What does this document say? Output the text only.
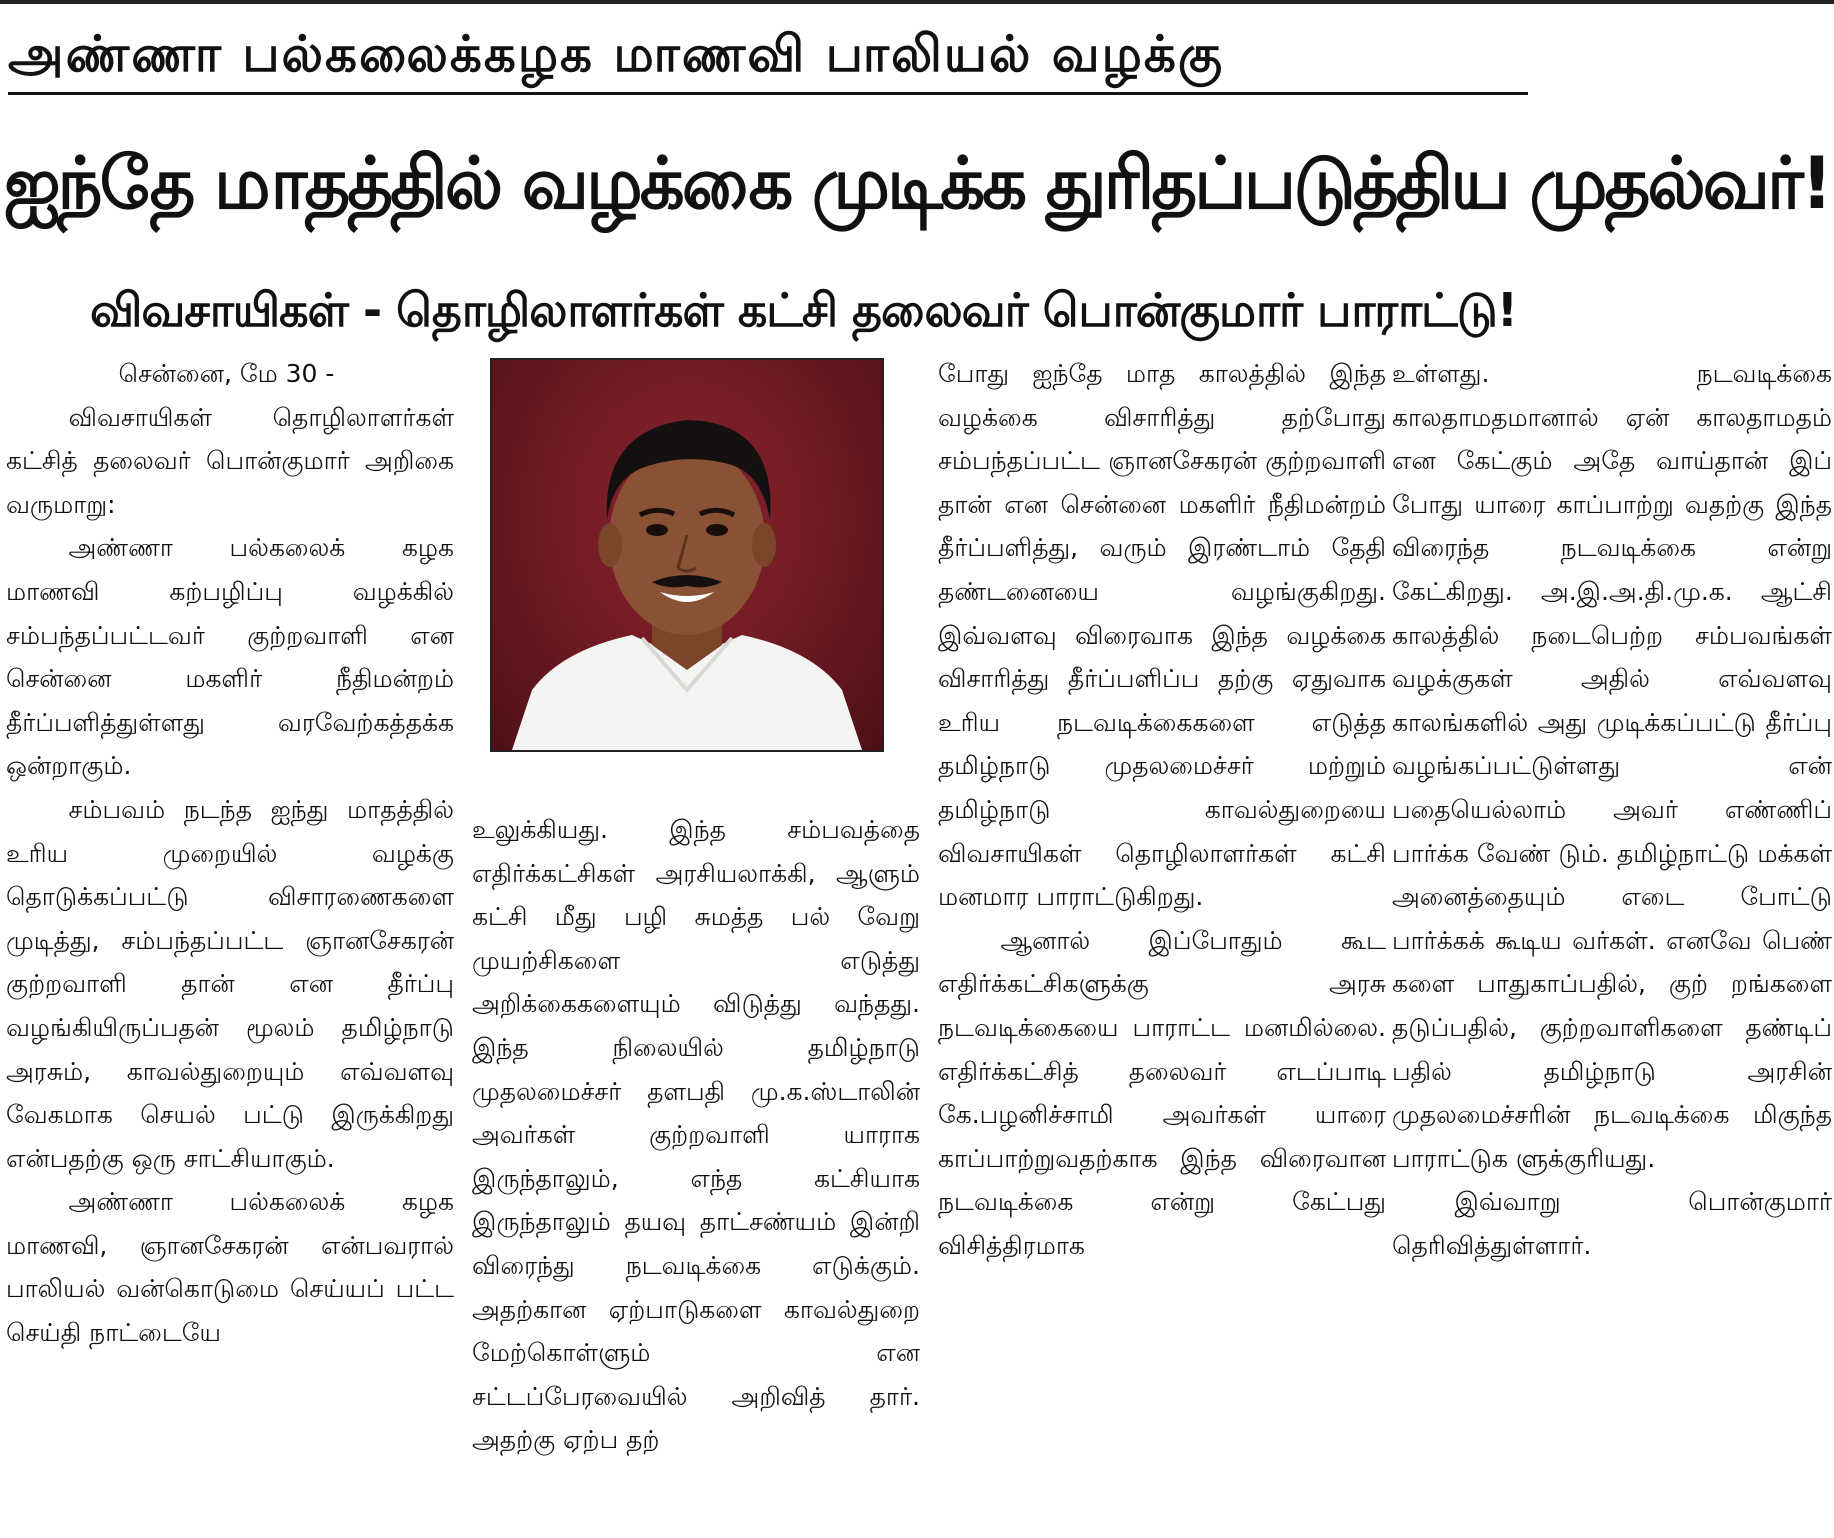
அண்ணா பல்கலைக்கழக மாணவி பாலியல் வழக்கு
ஐந்தே மாதத்தில் வழக்கை முடிக்க துரிதப்படுத்திய முதல்வர்!
விவசாயிகள் - தொழிலாளர்கள் கட்சி தலைவர் பொன்குமார் பாராட்டு!

சென்னை, மே 30 -

விவசாயிகள் தொழிலாளர்கள் கட்சித் தலைவர் பொன்குமார் அறிகை வருமாறு:

அண்ணா பல்கலைக் கழக மாணவி கற்பழிப்பு வழக்கில் சம்பந்தப்பட்டவர் குற்றவாளி என சென்னை மகளிர் நீதிமன்றம் தீர்ப்பளித்துள்ளது வரவேற்கத்தக்க ஒன்றாகும்.

சம்பவம் நடந்த ஐந்து மாதத்தில் உரிய முறையில் வழக்கு தொடுக்கப்பட்டு விசாரணைகளை முடித்து, சம்பந்தப்பட்ட ஞானசேகரன் குற்றவாளி தான் என தீர்ப்பு வழங்கியிருப்பதன் மூலம் தமிழ்நாடு அரசும், காவல்துறையும் எவ்வளவு வேகமாக செயல் பட்டு இருக்கிறது என்பதற்கு ஒரு சாட்சியாகும்.

அண்ணா பல்கலைக் கழக மாணவி, ஞானசேகரன் என்பவரால் பாலியல் வன்கொடுமை செய்யப் பட்ட செய்தி நாட்டையே

உலுக்கியது. இந்த சம்பவத்தை எதிர்க்கட்சிகள் அரசியலாக்கி, ஆளும் கட்சி மீது பழி சுமத்த பல் வேறு முயற்சிகளை எடுத்து அறிக்கைகளையும் விடுத்து வந்தது. இந்த நிலையில் தமிழ்நாடு முதலமைச்சர் தளபதி மு.க.ஸ்டாலின் அவர்கள் குற்றவாளி யாராக இருந்தாலும், எந்த கட்சியாக இருந்தாலும் தயவு தாட்சண்யம் இன்றி விரைந்து நடவடிக்கை எடுக்கும். அதற்கான ஏற்பாடுகளை காவல்துறை மேற்கொள்ளும் என சட்டப்பேரவையில் அறிவித் தார். அதற்கு ஏற்ப தற்

போது ஐந்தே மாத காலத்தில் இந்த வழக்கை விசாரித்து தற்போது சம்பந்தப்பட்ட ஞானசேகரன் குற்றவாளி தான் என சென்னை மகளிர் நீதிமன்றம் தீர்ப்பளித்து, வரும் இரண்டாம் தேதி தண்டனையை வழங்குகிறது. இவ்வளவு விரைவாக இந்த வழக்கை விசாரித்து தீர்ப்பளிப்ப தற்கு ஏதுவாக உரிய நடவடிக்கைகளை எடுத்த தமிழ்நாடு முதலமைச்சர் மற்றும் தமிழ்நாடு காவல்துறையை விவசாயிகள் தொழிலாளர்கள் கட்சி மனமார பாராட்டுகிறது.

ஆனால் இப்போதும் கூட எதிர்க்கட்சிகளுக்கு அரசு நடவடிக்கையை பாராட்ட மனமில்லை. எதிர்க்கட்சித் தலைவர் எடப்பாடி கே.பழனிச்சாமி அவர்கள் யாரை காப்பாற்றுவதற்காக இந்த விரைவான நடவடிக்கை என்று கேட்பது விசித்திரமாக

உள்ளது. நடவடிக்கை காலதாமதமானால் ஏன் காலதாமதம் என கேட்கும் அதே வாய்தான் இப் போது யாரை காப்பாற்று வதற்கு இந்த விரைந்த நடவடிக்கை என்று கேட்கிறது. அ.இ.அ.தி.மு.க. ஆட்சி காலத்தில் நடைபெற்ற சம்பவங்கள் வழக்குகள் அதில் எவ்வளவு காலங்களில் அது முடிக்கப்பட்டு தீர்ப்பு வழங்கப்பட்டுள்ளது என் பதையெல்லாம் அவர் எண்ணிப் பார்க்க வேண் டும். தமிழ்நாட்டு மக்கள் அனைத்தையும் எடை போட்டு பார்க்கக் கூடிய வர்கள். எனவே பெண் களை பாதுகாப்பதில், குற் றங்களை தடுப்பதில், குற்றவாளிகளை தண்டிப் பதில் தமிழ்நாடு அரசின் முதலமைச்சரின் நடவடிக்கை மிகுந்த பாராட்டுக ளுக்குரியது.

இவ்வாறு பொன்குமார் தெரிவித்துள்ளார்.
